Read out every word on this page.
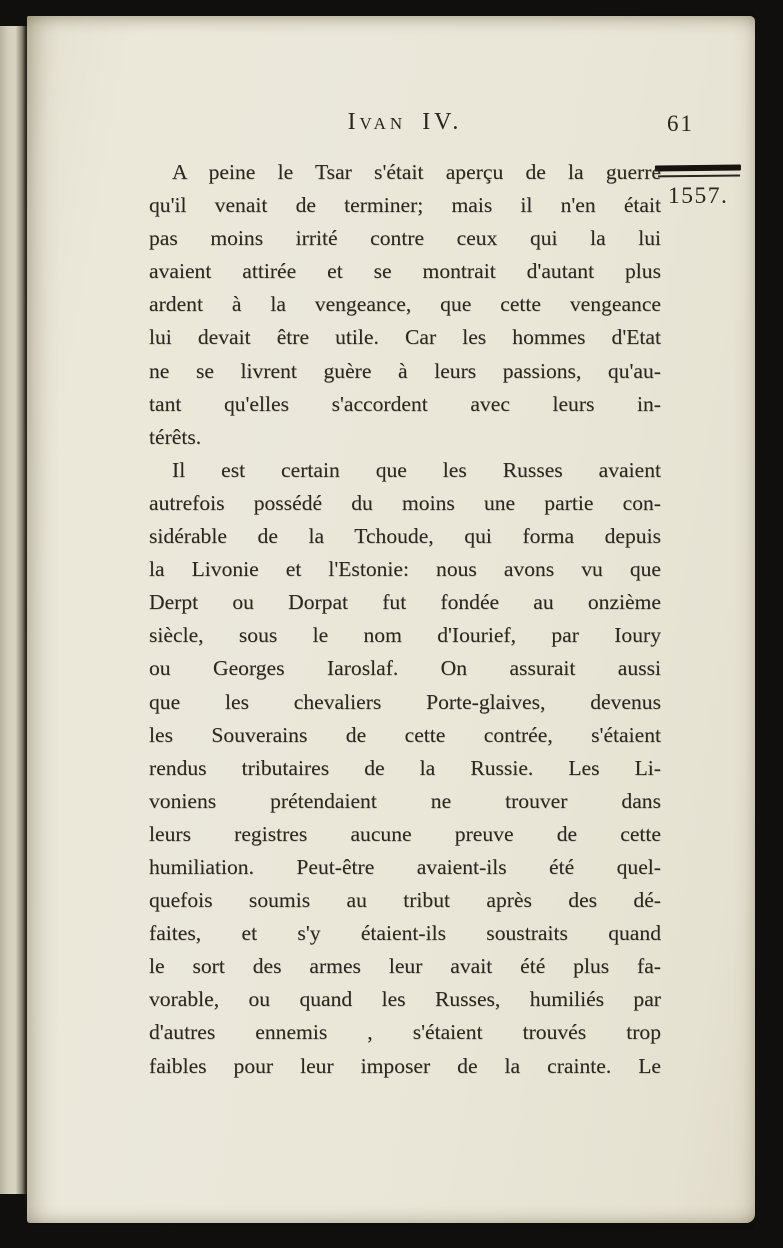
Ivan IV.	61
1557.
A peine le Tsar s'était aperçu de la guerre
qu'il venait de terminer; mais il n'en était
pas moins irrité contre ceux qui la lui
avaient attirée et se montrait d'autant plus
ardent à la vengeance, que cette vengeance
lui devait être utile. Car les hommes d'Etat
ne se livrent guère à leurs passions, qu'au-
tant qu'elles s'accordent avec leurs in-
térêts.
Il est certain que les Russes avaient
autrefois possédé du moins une partie con-
sidérable de la Tchoude, qui forma depuis
la Livonie et l'Estonie: nous avons vu que
Derpt ou Dorpat fut fondée au onzième
siècle, sous le nom d'Iourief, par Ioury
ou Georges Iaroslaf. On assurait aussi
que les chevaliers Porte-glaives, devenus
les Souverains de cette contrée, s'étaient
rendus tributaires de la Russie. Les Li-
voniens prétendaient ne trouver dans
leurs registres aucune preuve de cette
humiliation. Peut-être avaient-ils été quel-
quefois soumis au tribut après des dé-
faites, et s'y étaient-ils soustraits quand
le sort des armes leur avait été plus fa-
vorable, ou quand les Russes, humiliés par
d'autres ennemis , s'étaient trouvés trop
faibles pour leur imposer de la crainte. Le
